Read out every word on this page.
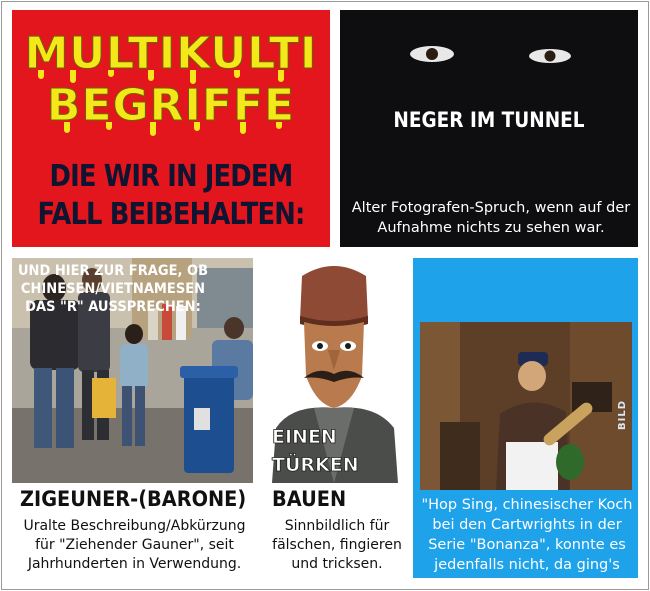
MULTIKULTI
BEGRIFFE
DIE WIR IN JEDEM
FALL BEIBEHALTEN:
NEGER IM TUNNEL
Alter Fotografen-Spruch, wenn auf der Aufnahme nichts zu sehen war.
ZIGEUNER-(BARONE)
Uralte Beschreibung/Abkürzung für "Ziehender Gauner", seit Jahrhunderten in Verwendung.
EINEN
TÜRKEN
BAUEN
Sinnbildlich für fälschen, fingieren und tricksen.
UND HIER ZUR FRAGE, OB
CHINESEN/VIETNAMESEN
DAS "R" AUSSPRECHEN:
BILD
"Hop Sing, chinesischer Koch bei den Cartwrights in der Serie "Bonanza", konnte es jedenfalls nicht, da ging's los!
